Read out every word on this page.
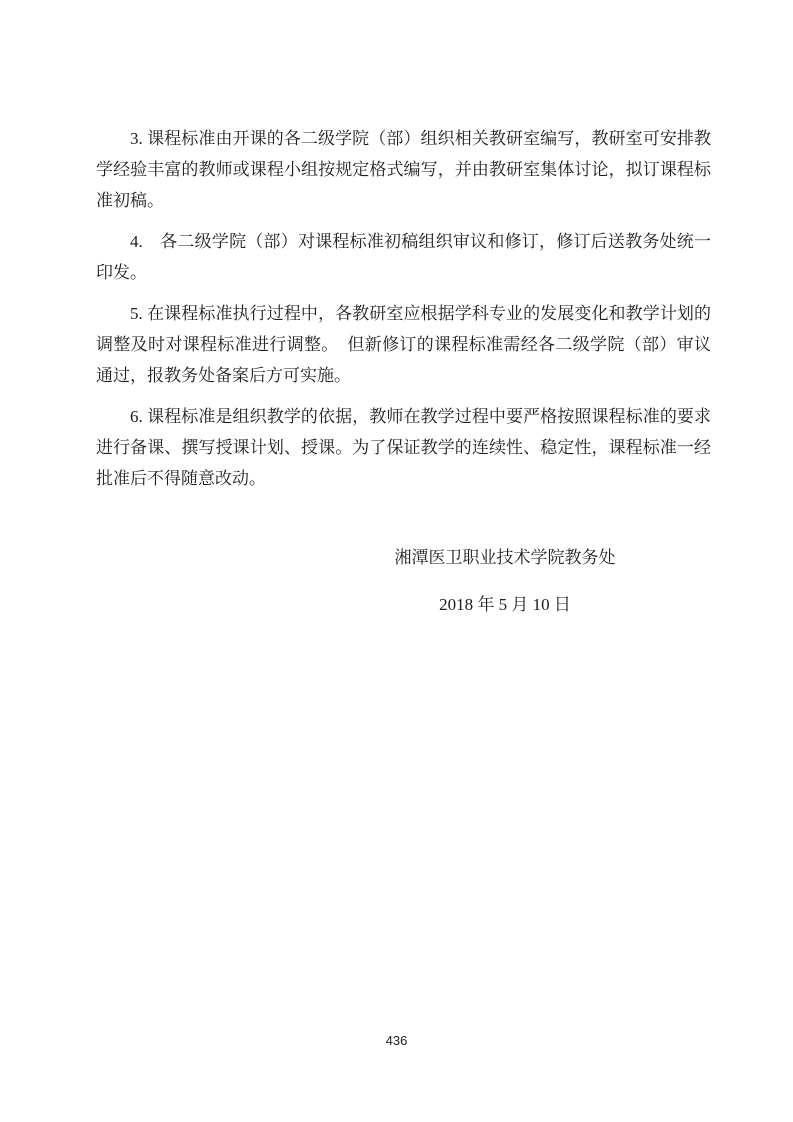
3. 课程标准由开课的各二级学院（部）组织相关教研室编写，教研室可安排教学经验丰富的教师或课程小组按规定格式编写，并由教研室集体讨论，拟订课程标准初稿。

4.　各二级学院（部）对课程标准初稿组织审议和修订，修订后送教务处统一印发。

5. 在课程标准执行过程中，各教研室应根据学科专业的发展变化和教学计划的调整及时对课程标准进行调整。　但新修订的课程标准需经各二级学院（部）审议通过，报教务处备案后方可实施。

6. 课程标准是组织教学的依据，教师在教学过程中要严格按照课程标准的要求进行备课、撰写授课计划、授课。为了保证教学的连续性、稳定性，课程标准一经批准后不得随意改动。

湘潭医卫职业技术学院教务处
2018 年 5 月 10 日
436
